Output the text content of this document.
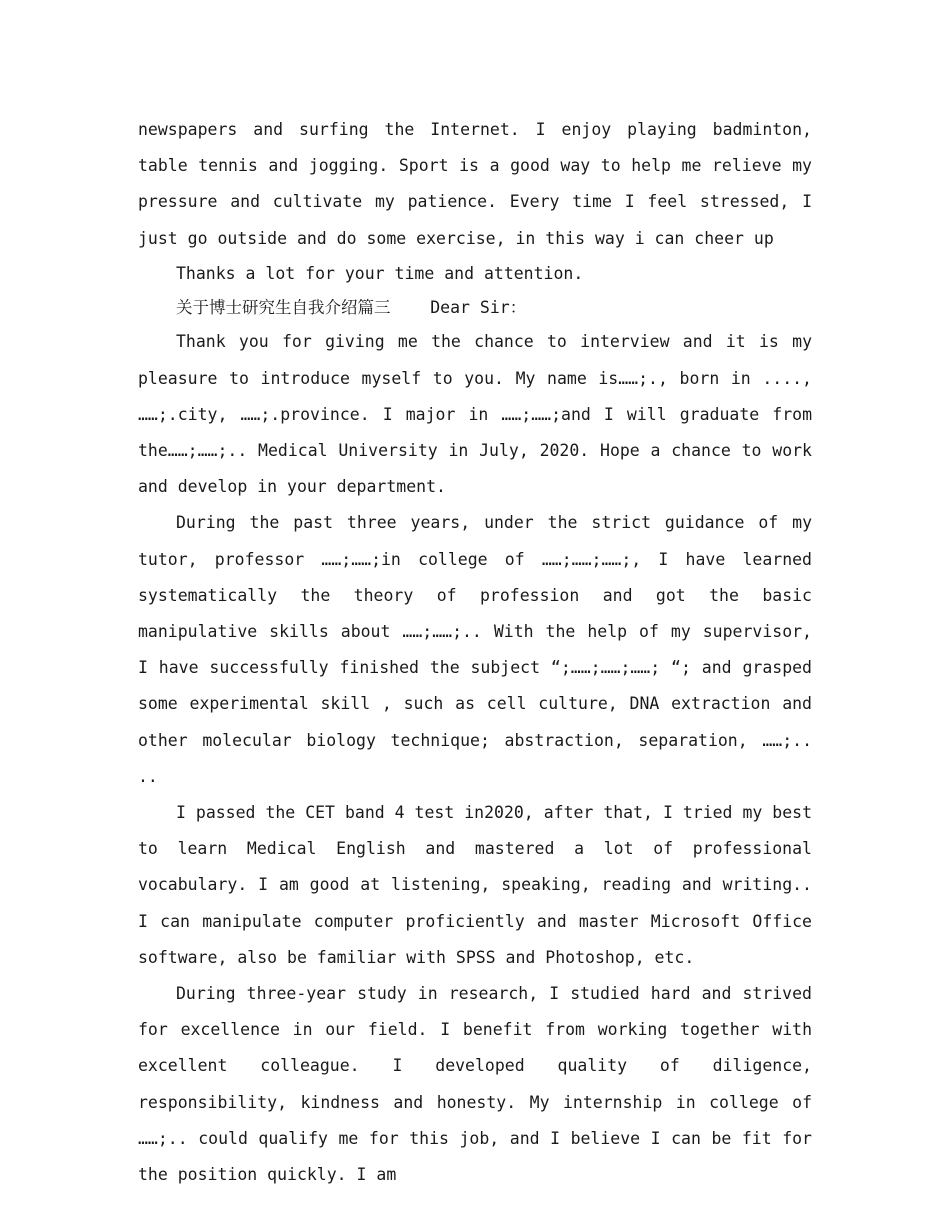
newspapers and surfing the Internet. I enjoy playing badminton, table tennis and jogging. Sport is a good way to help me relieve my pressure and cultivate my patience. Every time I feel stressed, I just go outside and do some exercise, in this way i can cheer up

Thanks a lot for your time and attention.

关于博士研究生自我介绍篇三 Dear Sir：

Thank you for giving me the chance to interview and it is my pleasure to introduce myself to you. My name is……;., born in ...., ……;.city, ……;.province. I major in ……;……;and I will graduate from the……;……;.. Medical University in July, 2020. Hope a chance to work and develop in your department.

During the past three years, under the strict guidance of my tutor, professor ……;……;in college of ……;……;……;, I have learned systematically the theory of profession and got the basic manipulative skills about ……;……;.. With the help of my supervisor, I have successfully finished the subject “;……;……;……; “; and grasped some experimental skill , such as cell culture, DNA extraction and other molecular biology technique; abstraction, separation, ……;.. ..

I passed the CET band 4 test in2020, after that, I tried my best to learn Medical English and mastered a lot of professional vocabulary. I am good at listening, speaking, reading and writing.. I can manipulate computer proficiently and master Microsoft Office software, also be familiar with SPSS and Photoshop, etc.

During three-year study in research, I studied hard and strived for excellence in our field. I benefit from working together with excellent colleague. I developed quality of diligence, responsibility, kindness and honesty. My internship in college of ……;.. could qualify me for this job, and I believe I can be fit for the position quickly. I am
